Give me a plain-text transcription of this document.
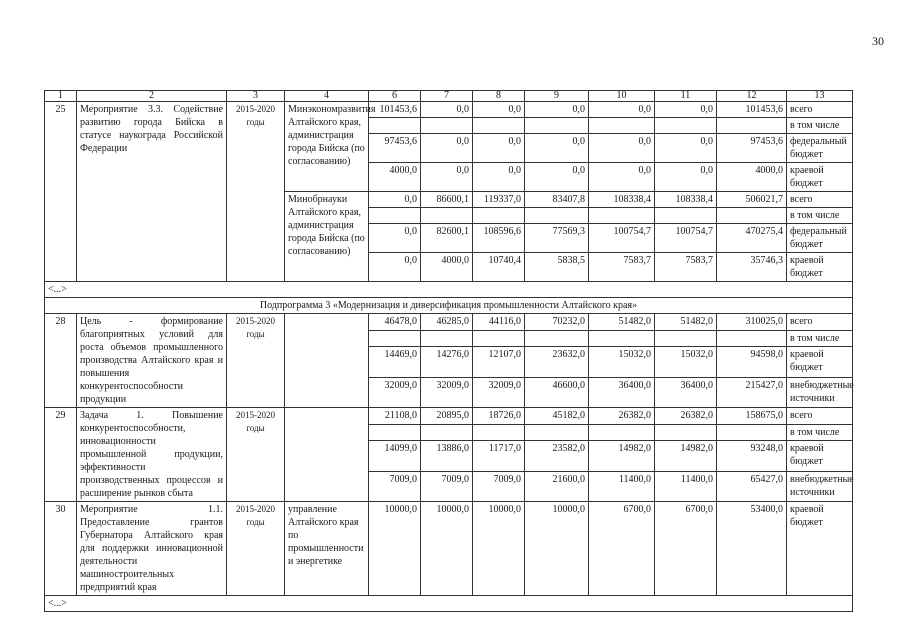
30
1	2	3	4	6	7	8	9	10	11	12	13
25	Мероприятие 3.3. Содействие развитию города Бийска в статусе наукограда Российской Федерации	2015-2020 годы	Минэкономразвития Алтайского края, администрация города Бийска (по согласованию)	101453,6	0,0	0,0	0,0	0,0	0,0	101453,6	всего
											в том числе
				97453,6	0,0	0,0	0,0	0,0	0,0	97453,6	федеральный бюджет
				4000,0	0,0	0,0	0,0	0,0	0,0	4000,0	краевой бюджет
			Минобрнауки Алтайского края, администрация города Бийска (по согласованию)	0,0	86600,1	119337,0	83407,8	108338,4	108338,4	506021,7	всего
											в том числе
				0,0	82600,1	108596,6	77569,3	100754,7	100754,7	470275,4	федеральный бюджет
				0,0	4000,0	10740,4	5838,5	7583,7	7583,7	35746,3	краевой бюджет
<...>											
Подпрограмма 3 «Модернизация и диверсификация промышленности Алтайского края»											
28	Цель - формирование благоприятных условий для роста объемов промышленного производства Алтайского края и повышения конкурентоспособности продукции	2015-2020 годы		46478,0	46285,0	44116,0	70232,0	51482,0	51482,0	310025,0	всего
											в том числе
				14469,0	14276,0	12107,0	23632,0	15032,0	15032,0	94598,0	краевой бюджет
				32009,0	32009,0	32009,0	46600,0	36400,0	36400,0	215427,0	внебюджетные источники
29	Задача 1. Повышение конкурентоспособности, инновационности промышленной продукции, эффективности производственных процессов и расширение рынков сбыта	2015-2020 годы		21108,0	20895,0	18726,0	45182,0	26382,0	26382,0	158675,0	всего
											в том числе
				14099,0	13886,0	11717,0	23582,0	14982,0	14982,0	93248,0	краевой бюджет
				7009,0	7009,0	7009,0	21600,0	11400,0	11400,0	65427,0	внебюджетные источники
30	Мероприятие 1.1. Предоставление грантов Губернатора Алтайского края для поддержки инновационной деятельности машиностроительных предприятий края	2015-2020 годы	управление Алтайского края по промышленности и энергетике	10000,0	10000,0	10000,0	10000,0	6700,0	6700,0	53400,0	краевой бюджет
<...>											
